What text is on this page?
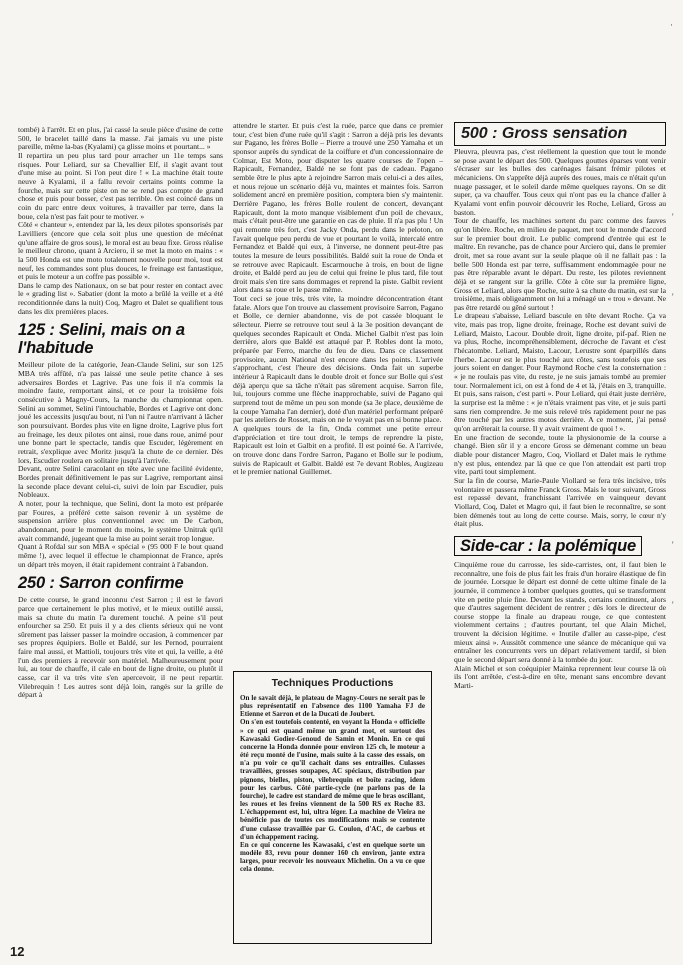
tombé) à l'arrêt. Et en plus, j'ai cassé la seule pièce d'usine de cette 500, le bracelet taillé dans la masse. J'ai jamais vu une piste pareille, même la-bas (Kyalami) ça glisse moins et pourtant... »
Il repartira un peu plus tard pour arracher un 11e temps sans risques. Pour Leliard, sur sa Chevallier Elf, il s'agit avant tout d'une mise au point. Si l'on peut dire ! « La machine était toute neuve à Kyalami, il a fallu revoir certains points comme la fourche, mais sur cette piste on ne se rend pas compte de grand chose et puis pour bosser, c'est pas terrible. On est coincé dans un coin du parc entre deux voitures, à travailler par terre, dans la boue, cela n'est pas fait pour te motiver. »
Côté « chanteur », entendez par là, les deux pilotes sponsorisés par Lavilliers (encore que cela soit plus une question de mécénat qu'une affaire de gros sous), le moral est au beau fixe. Gross réalise le meilleur chrono, quant à Arciero, il se met la moto en mains : « la 500 Honda est une moto totalement nouvelle pour moi, tout est neuf, les commandes sont plus douces, le freinage est fantastique, et puis le moteur a un coffre pas possible ».
Dans le camp des Nationaux, on se bat pour rester en contact avec le « grading list ». Sabatier (dont la moto a brûlé la veille et a été reconditionnée dans la nuit) Coq, Magro et Dalet se qualifient tous dans les dix premières places.

125 : Selini, mais on a l'habitude

Meilleur pilote de la catégorie, Jean-Claude Selini, sur son 125 MBA très affûté, n'a pas laissé une seule petite chance à ses adversaires Bordes et Lagrive. Pas une fois il n'a commis la moindre faute, remportant ainsi, et ce pour la troisième fois consécutive à Magny-Cours, la manche du championnat open. Selini au sommet, Selini l'intouchable, Bordes et Lagrive ont donc joué les accessits jusqu'au bout, ni l'un ni l'autre n'arrivant à lâcher son poursuivant. Bordes plus vite en ligne droite, Lagrive plus fort au freinage, les deux pilotes ont ainsi, roue dans roue, animé pour une bonne part le spectacle, tandis que Escuder, légèrement en retrait, s'explique avec Moritz jusqu'à la chute de ce dernier. Dès lors, Escudier roulera en solitaire jusqu'à l'arrivée.
Devant, outre Selini caracolant en tête avec une facilité évidente, Bordes prenait définitivement le pas sur Lagrive, remportant ainsi la seconde place devant celui-ci, suivi de loin par Escudier, puis Nobleaux.
A noter, pour la technique, que Selini, dont la moto est préparée par Foures, a préféré cette saison revenir à un système de suspension arrière plus conventionnel avec un De Carbon, abandonnant, pour le moment du moins, le système Unitrak qu'il avait commandé, jugeant que la mise au point serait trop longue.
Quant à Rofdal sur son MBA « spécial » (95 000 F le bout quand même !), avec lequel il effectue le championnat de France, après un départ très moyen, il était rapidement contraint à l'abandon.

250 : Sarron confirme

De cette course, le grand inconnu c'est Sarron ; il est le favori parce que certainement le plus motivé, et le mieux outillé aussi, mais sa chute du matin l'a durement touché. A peine s'il peut enfourcher sa 250. Et puis il y a des clients sérieux qui ne vont sûrement pas laisser passer la moindre occasion, à commencer par ses propres équipiers. Bolle et Baldé, sur les Pernod, pourraient faire mal aussi, et Mattioli, toujours très vite et qui, la veille, a été l'un des premiers à recevoir son matériel. Malheureusement pour lui, au tour de chauffe, il cale en bout de ligne droite, ou plutôt il casse, car il va très vite s'en apercevoir, il ne peut repartir. Vilebrequin ! Les autres sont déjà loin, rangés sur la grille de départ à

attendre le starter. Et puis c'est la ruée, parce que dans ce premier tour, c'est bien d'une ruée qu'il s'agit : Sarron a déjà pris les devants sur Pagano, les frères Bolle – Pierre a trouvé une 250 Yamaha et un sponsor auprès du syndicat de la coiffure et d'un concessionnaire de Colmar, Est Moto, pour disputer les quatre courses de l'open – Rapicault, Fernandez, Baldé ne se font pas de cadeau. Pagano semble être le plus apte à rejoindre Sarron mais celui-ci a des ailes, et nous rejoue un scénario déjà vu, maintes et maintes fois. Sarron solidement ancré en première position, comptera bien s'y maintenir. Derrière Pagano, les frères Bolle roulent de concert, devançant Rapicault, dont la moto manque visiblement d'un poil de chevaux, mais c'était peut-être une garantie en cas de pluie. Il n'a pas plu ! Un qui remonte très fort, c'est Jacky Onda, perdu dans le peloton, on l'avait quelque peu perdu de vue et pourtant le voilà, intercalé entre Fernandez et Baldé qui eux, à l'inverse, ne donnent peut-être pas toutes la mesure de leurs possibilités. Baldé suit la roue de Onda et se retrouve avec Rapicault. Escarmouche à trois, en bout de ligne droite, et Baldé perd au jeu de celui qui freine le plus tard, file tout droit mais s'en tire sans dommages et reprend la piste. Galbit revient alors dans sa roue et le passe même.
Tout ceci se joue très, très vite, la moindre déconcentration étant fatale. Alors que l'on trouve au classement provisoire Sarron, Pagano et Bolle, ce dernier abandonne, vis de pot cassée bloquant le sélecteur. Pierre se retrouve tout seul à la 3e position devançant de quelques secondes Rapicault et Onda. Michel Galbit n'est pas loin derrière, alors que Baldé est attaqué par P. Robles dont la moto, préparée par Ferro, marche du feu de dieu. Dans ce classement provisoire, aucun National n'est encore dans les points. L'arrivée s'approchant, c'est l'heure des décisions. Onda fait un superbe intérieur à Rapicault dans le double droit et fonce sur Bolle qui s'est déjà aperçu que sa tâche n'était pas sûrement acquise. Sarron file, lui, toujours comme une flèche inapprochable, suivi de Pagano qui surprend tout de même un peu son monde (sa 3e place, deuxième de la coupe Yamaha l'an dernier), doté d'un matériel performant préparé par les ateliers de Rosset, mais on ne le voyait pas en si bonne place.
A quelques tours de la fin, Onda commet une petite erreur d'appréciation et tire tout droit, le temps de reprendre la piste, Rapicault est loin et Galbit en a profité. Il est pointé 6e. A l'arrivée, on trouve donc dans l'ordre Sarron, Pagano et Bolle sur le podium, suivis de Rapicault et Galbit. Baldé est 7e devant Robles, Augizeau et le premier national Guillemet.

Techniques Productions

On le savait déjà, le plateau de Magny-Cours ne serait pas le plus représentatif en l'absence des 1100 Yamaha FJ de Etienne et Sarron et de la Ducati de Joubert.
On s'en est toutefois contenté, en voyant la Honda « officielle » ce qui est quand même un grand mot, et surtout des Kawasaki Godier-Genoud de Samin et Monin. En ce qui concerne la Honda donnée pour environ 125 ch, le moteur a été reçu monté de l'usine, mais suite à la casse des essais, on n'a pu voir ce qu'il cachait dans ses entrailles. Culasses travaillées, grosses soupapes, AC spéciaux, distribution par pignons, bielles, piston, vilebrequin et boîte racing, idem pour les carbus. Côté partie-cycle (ne parlons pas de la fourche), le cadre est standard de même que le bras oscillant, les roues et les freins viennent de la 500 RS ex Roche 83. L'échappement est, lui, ultra léger. La machine de Vieira ne bénéficie pas de toutes ces modifications mais se contente d'une culasse travaillée par G. Coulon, d'AC, de carbus et d'un échappement racing.
En ce qui concerne les Kawasaki, c'est en quelque sorte un modèle 83, revu pour donner 160 ch environ, jante extra larges, pour recevoir les nouveaux Michelin. On a vu ce que cela donne.

500 : Gross sensation

Pleuvra, pleuvra pas, c'est réellement la question que tout le monde se pose avant le départ des 500. Quelques gouttes éparses vont venir s'écraser sur les bulles des carénages faisant frémir pilotes et mécaniciens. On s'apprête déjà auprès des roues, mais ce n'était qu'un nuage passager, et le soleil darde même quelques rayons. On se dit super, ça va chauffer. Tous ceux qui n'ont pas eu la chance d'aller à Kyalami vont enfin pouvoir découvrir les Roche, Leliard, Gross au baston.
Tour de chauffe, les machines sortent du parc comme des fauves qu'on libère. Roche, en milieu de paquet, met tout le monde d'accord sur le premier bout droit. Le public comprend d'entrée qui est le maître. En revanche, pas de chance pour Arciero qui, dans le premier droit, met sa roue avant sur la seule plaque où il ne fallait pas : la belle 500 Honda est par terre, suffisamment endommagée pour ne pas être réparable avant le départ. Du reste, les pilotes reviennent déjà et se rangent sur la grille. Côte à côte sur la première ligne, Gross et Leliard, alors que Roche, suite à sa chute du matin, est sur la troisième, mais obligeamment on lui a ménagé un « trou » devant. Ne pas être retardé ou gêné surtout !
Le drapeau s'abaisse, Leliard bascule en tête devant Roche. Ça va vite, mais pas trop, ligne droite, freinage, Roche est devant suivi de Leliard, Maisto, Lacour. Double droit, ligne droite, pif-paf. Rien ne va plus, Roche, incompréhensiblement, décroche de l'avant et c'est l'hécatombe. Leliard, Maisto, Lacour, Lerustre sont éparpillés dans l'herbe. Lacour est le plus touché aux côtes, sans toutefois que ses jours soient en danger. Pour Raymond Roche c'est la consternation : « je ne roulais pas vite, du reste, je ne suis jamais tombé au premier tour. Normalement ici, on est à fond de 4 et là, j'étais en 3, tranquille. Et puis, sans raison, c'est parti ». Pour Leliard, qui était juste derrière, la surprise est la même : « je n'étais vraiment pas vite, et je suis parti sans rien comprendre. Je me suis relevé très rapidement pour ne pas être touché par les autres motos derrière. A ce moment, j'ai pensé qu'on arrêterait la course. Il y avait vraiment de quoi ! ».
En une fraction de seconde, toute la physionomie de la course a changé. Bien sûr il y a encore Gross se démenant comme un beau diable pour distancer Magro, Coq, Viollard et Dalet mais le rythme n'y est plus, entendez par là que ce que l'on attendait est parti trop vite, parti tout simplement.
Sur la fin de course, Marie-Paule Viollard se fera très incisive, très volontaire et passera même Franck Gross. Mais le tour suivant, Gross est repassé devant, franchissant l'arrivée en vainqueur devant Viollard, Coq, Dalet et Magro qui, il faut bien le reconnaître, se sont bien démenés tout au long de cette course. Mais, sorry, le cœur n'y était plus.

Side-car : la polémique

Cinquième roue du carrosse, les side-carristes, ont, il faut bien le reconnaître, une fois de plus fait les frais d'un horaire élastique de fin de journée. Lorsque le départ est donné de cette ultime finale de la journée, il commence à tomber quelques gouttes, qui se transforment vite en petite pluie fine. Devant les stands, certains continuent, alors que d'autres sagement décident de rentrer ; dès lors le directeur de course stoppe la finale au drapeau rouge, ce que contestent violemment certains ; d'autres pourtant, tel que Alain Michel, trouvent la décision légitime. « Inutile d'aller au casse-pipe, c'est mieux ainsi ». Aussitôt commence une séance de mécanique qui va entraîner les concurrents vers un départ relativement tardif, si bien que le second départ sera donné à la tombée du jour.
Alain Michel et son coéquipier Mainka reprennent leur course là où ils l'ont arrêtée, c'est-à-dire en tête, menant sans encombre devant Marti-

12
·
'
'
'
'
